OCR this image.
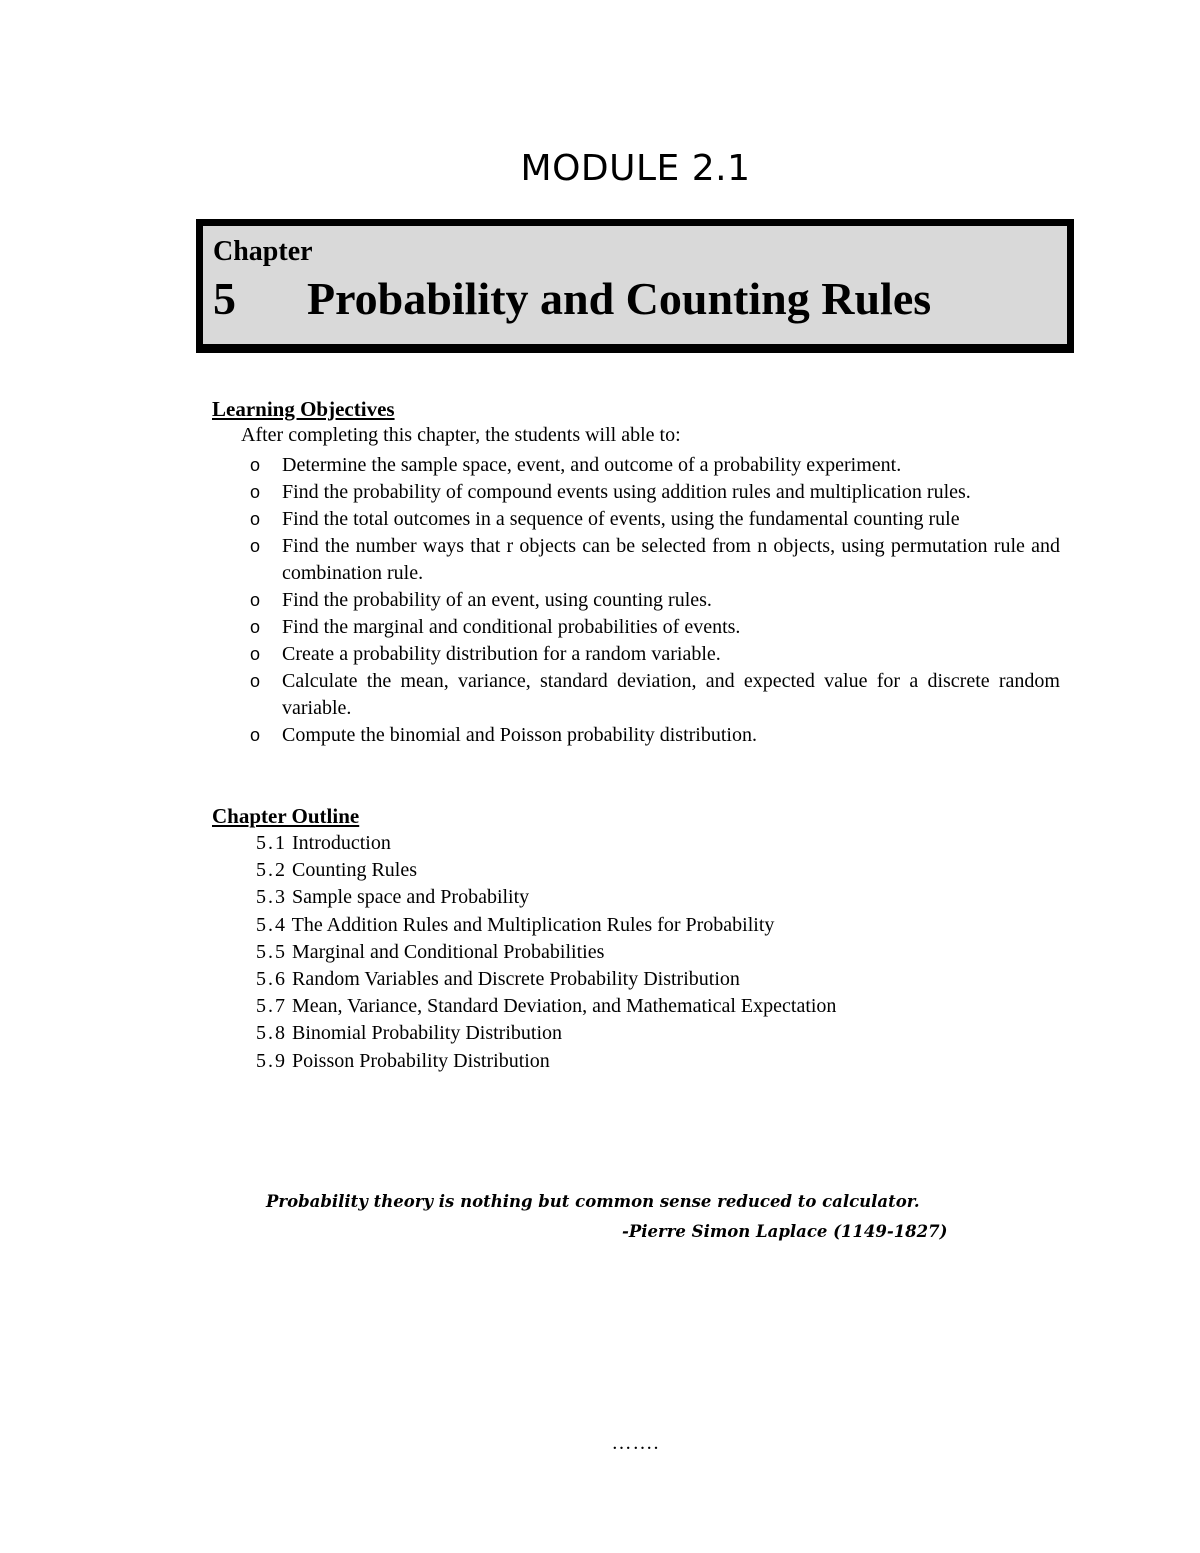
MODULE 2.1
Chapter
5 Probability and Counting Rules
Learning Objectives
After completing this chapter, the students will able to:
o Determine the sample space, event, and outcome of a probability experiment.
o Find the probability of compound events using addition rules and multiplication rules.
o Find the total outcomes in a sequence of events, using the fundamental counting rule
o Find the number ways that r objects can be selected from n objects, using permutation rule and combination rule.
o Find the probability of an event, using counting rules.
o Find the marginal and conditional probabilities of events.
o Create a probability distribution for a random variable.
o Calculate the mean, variance, standard deviation, and expected value for a discrete random variable.
o Compute the binomial and Poisson probability distribution.
Chapter Outline
5.1 Introduction
5.2 Counting Rules
5.3 Sample space and Probability
5.4 The Addition Rules and Multiplication Rules for Probability
5.5 Marginal and Conditional Probabilities
5.6 Random Variables and Discrete Probability Distribution
5.7 Mean, Variance, Standard Deviation, and Mathematical Expectation
5.8 Binomial Probability Distribution
5.9 Poisson Probability Distribution
Probability theory is nothing but common sense reduced to calculator.
-Pierre Simon Laplace (1149-1827)
…….
